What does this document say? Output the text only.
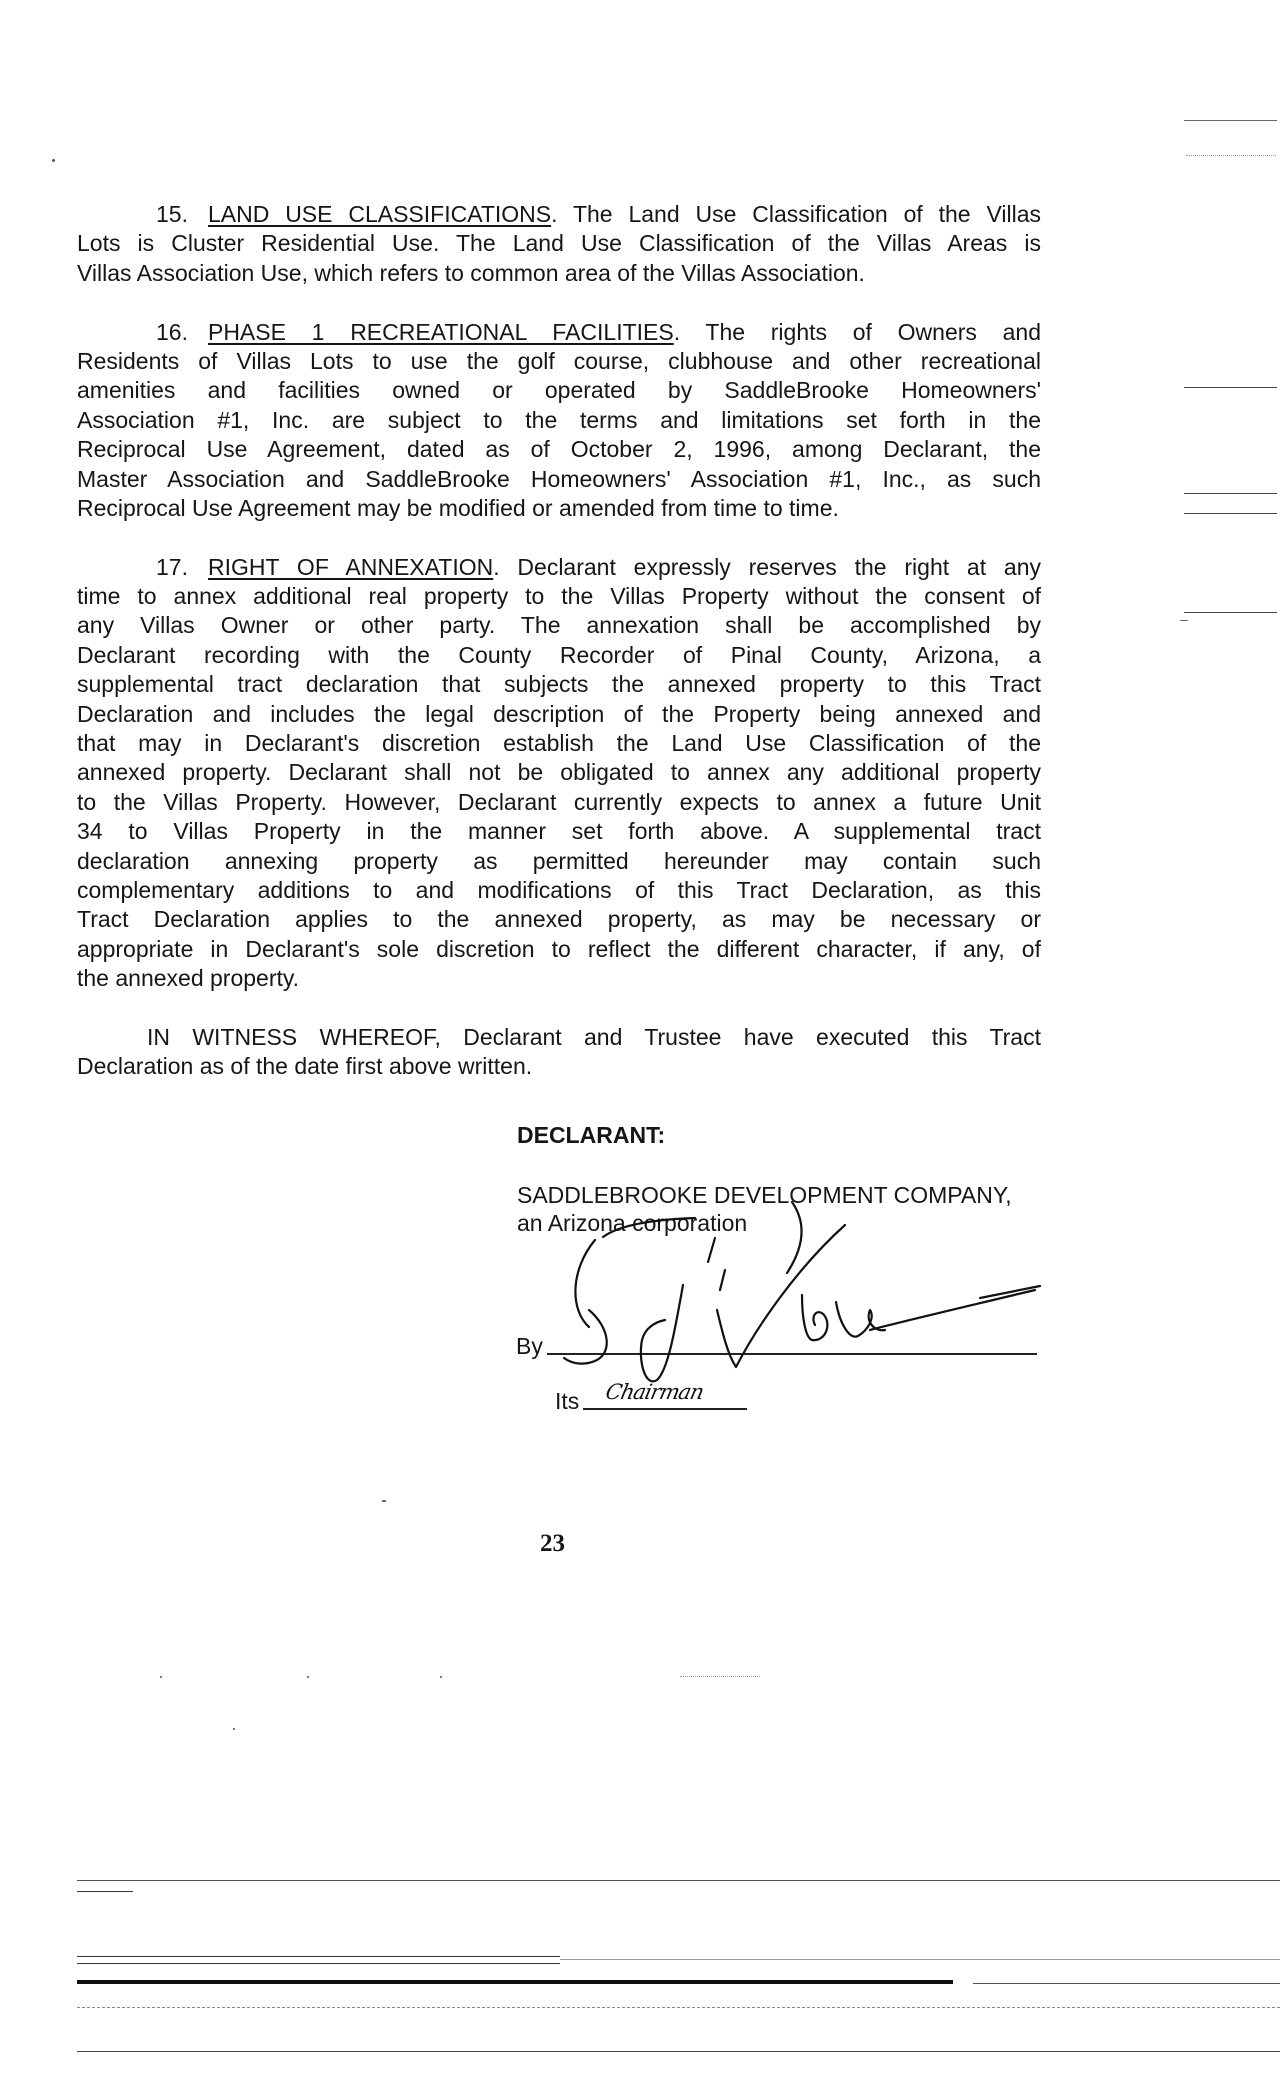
15. LAND USE CLASSIFICATIONS. The Land Use Classification of the Villas
Lots is Cluster Residential Use. The Land Use Classification of the Villas Areas is
Villas Association Use, which refers to common area of the Villas Association.
16. PHASE 1 RECREATIONAL FACILITIES. The rights of Owners and
Residents of Villas Lots to use the golf course, clubhouse and other recreational
amenities and facilities owned or operated by SaddleBrooke Homeowners'
Association #1, Inc. are subject to the terms and limitations set forth in the
Reciprocal Use Agreement, dated as of October 2, 1996, among Declarant, the
Master Association and SaddleBrooke Homeowners' Association #1, Inc., as such
Reciprocal Use Agreement may be modified or amended from time to time.
17. RIGHT OF ANNEXATION. Declarant expressly reserves the right at any
time to annex additional real property to the Villas Property without the consent of
any Villas Owner or other party. The annexation shall be accomplished by
Declarant recording with the County Recorder of Pinal County, Arizona, a
supplemental tract declaration that subjects the annexed property to this Tract
Declaration and includes the legal description of the Property being annexed and
that may in Declarant's discretion establish the Land Use Classification of the
annexed property. Declarant shall not be obligated to annex any additional property
to the Villas Property. However, Declarant currently expects to annex a future Unit
34 to Villas Property in the manner set forth above. A supplemental tract
declaration annexing property as permitted hereunder may contain such
complementary additions to and modifications of this Tract Declaration, as this
Tract Declaration applies to the annexed property, as may be necessary or
appropriate in Declarant's sole discretion to reflect the different character, if any, of
the annexed property.
IN WITNESS WHEREOF, Declarant and Trustee have executed this Tract
Declaration as of the date first above written.
DECLARANT:
SADDLEBROOKE DEVELOPMENT COMPANY,
an Arizona corporation
By
Its Chairman
23
